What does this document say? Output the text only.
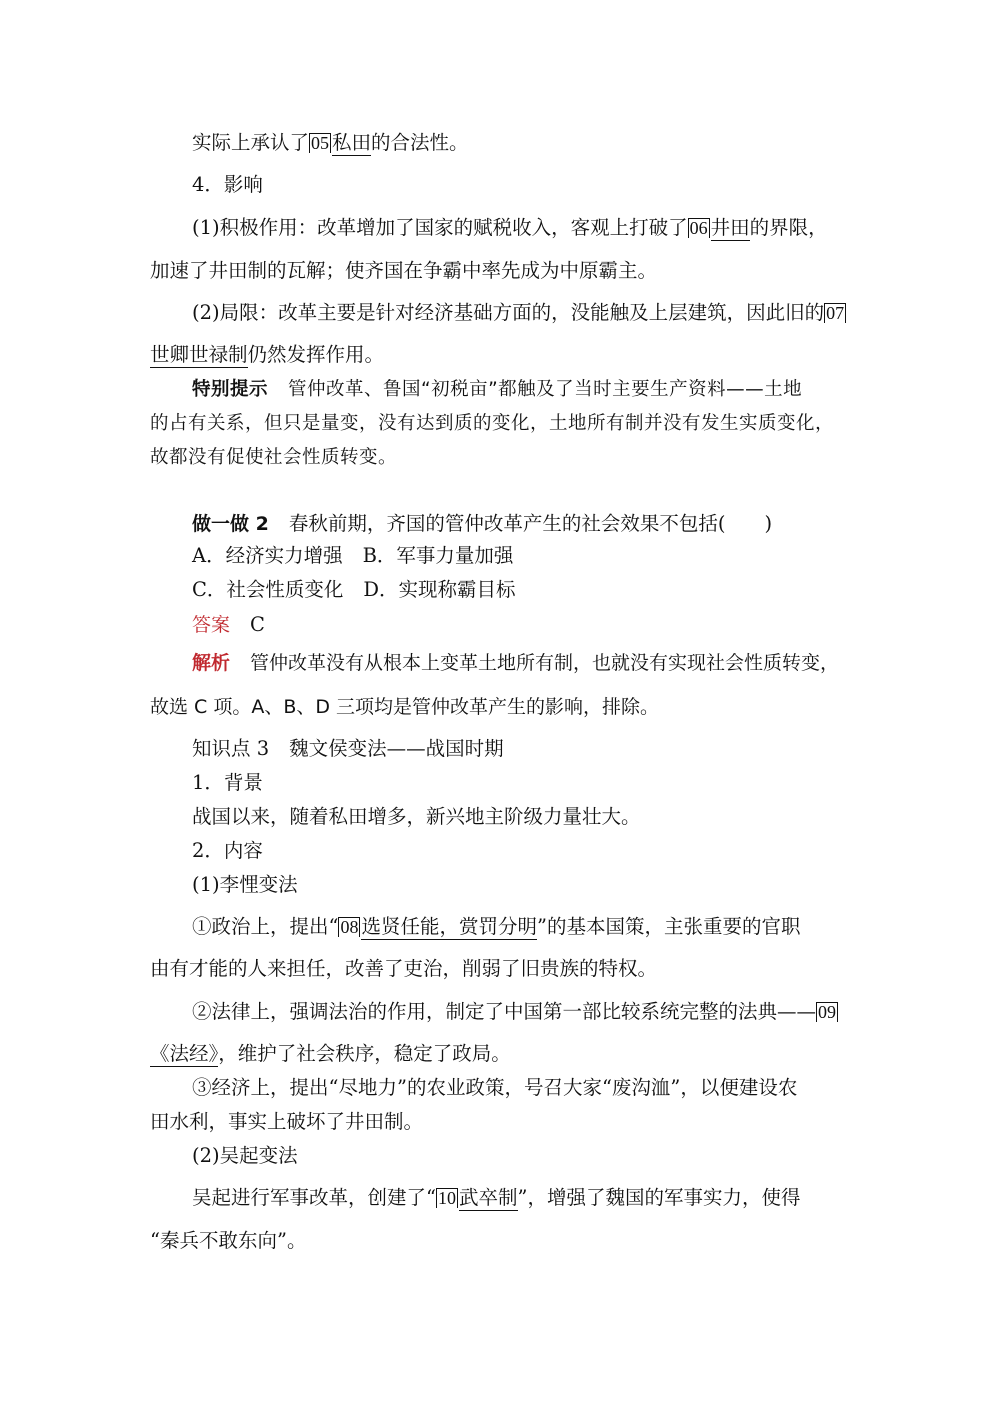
实际上承认了 05 私田的合法性。
4．影响
(1)积极作用：改革增加了国家的赋税收入，客观上打破了 06 井田的界限，
加速了井田制的瓦解；使齐国在争霸中率先成为中原霸主。
(2)局限：改革主要是针对经济基础方面的，没能触及上层建筑，因此旧的 07
世卿世禄制仍然发挥作用。
特别提示 管仲改革、鲁国“初税亩”都触及了当时主要生产资料——土地
的占有关系，但只是量变，没有达到质的变化，土地所有制并没有发生实质变化，
故都没有促使社会性质转变。
做一做 2 春秋前期，齐国的管仲改革产生的社会效果不包括(　　)
A．经济实力增强 B．军事力量加强
C．社会性质变化 D．实现称霸目标
答案 C
解析 管仲改革没有从根本上变革土地所有制，也就没有实现社会性质转变，
故选 C 项。A、B、D 三项均是管仲改革产生的影响，排除。
知识点 3 魏文侯变法——战国时期
1．背景
战国以来，随着私田增多，新兴地主阶级力量壮大。
2．内容
(1)李悝变法
①政治上，提出“ 08 选贤任能，赏罚分明”的基本国策，主张重要的官职
由有才能的人来担任，改善了吏治，削弱了旧贵族的特权。
②法律上，强调法治的作用，制定了中国第一部比较系统完整的法典—— 09
《法经》，维护了社会秩序，稳定了政局。
③经济上，提出“尽地力”的农业政策，号召大家“废沟洫”，以便建设农
田水利，事实上破坏了井田制。
(2)吴起变法
吴起进行军事改革，创建了“ 10 武卒制”，增强了魏国的军事实力，使得
“秦兵不敢东向”。
